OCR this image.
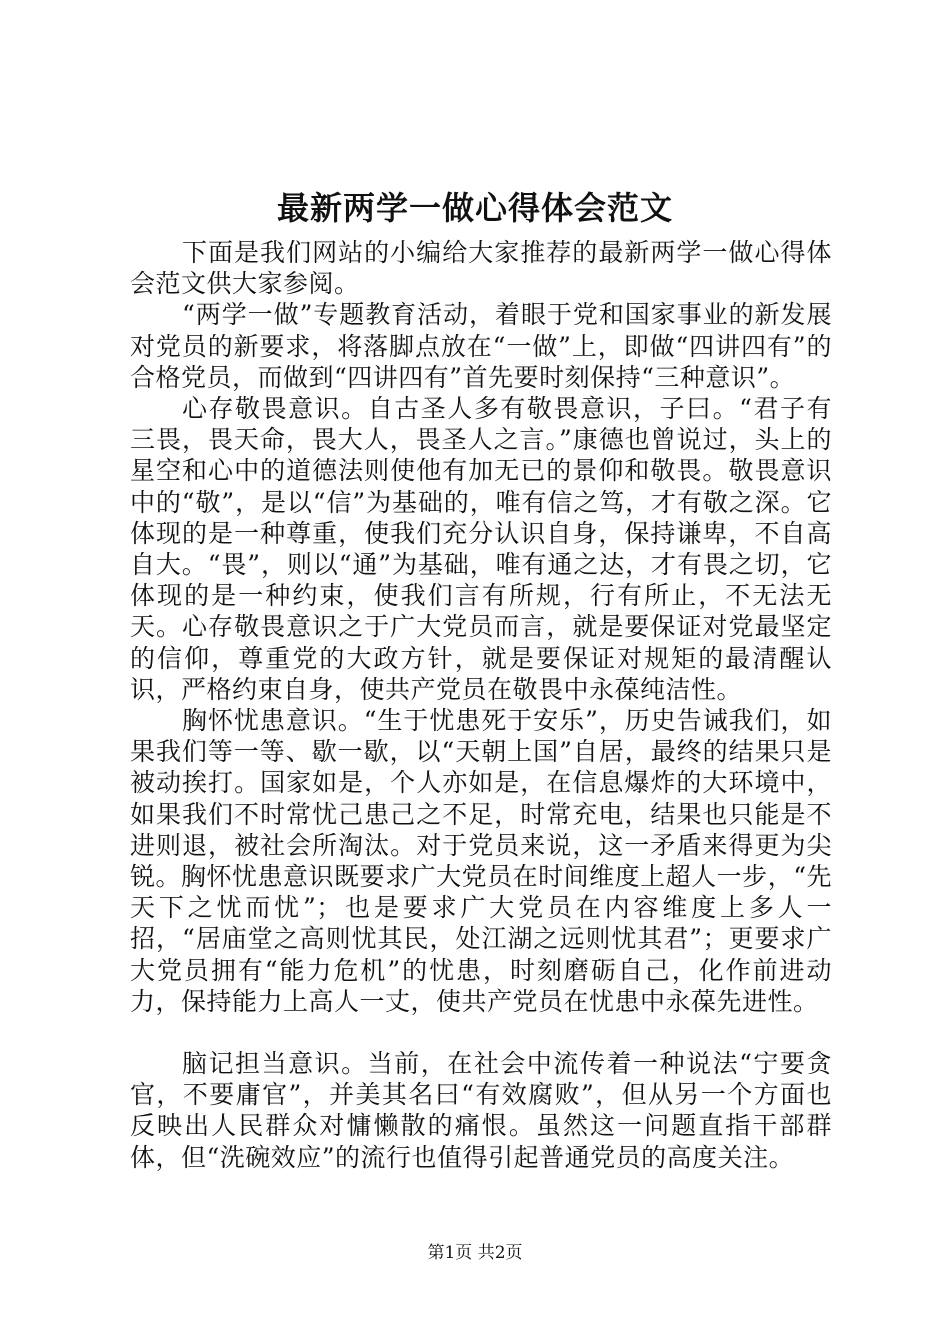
最新两学一做心得体会范文

下面是我们网站的小编给大家推荐的最新两学一做心得体会范文供大家参阅。

“两学一做”专题教育活动，着眼于党和国家事业的新发展对党员的新要求，将落脚点放在“一做”上，即做“四讲四有”的合格党员，而做到“四讲四有”首先要时刻保持“三种意识”。

心存敬畏意识。自古圣人多有敬畏意识，子曰。“君子有三畏，畏天命，畏大人，畏圣人之言。”康德也曾说过，头上的星空和心中的道德法则使他有加无已的景仰和敬畏。敬畏意识中的“敬”，是以“信”为基础的，唯有信之笃，才有敬之深。它体现的是一种尊重，使我们充分认识自身，保持谦卑，不自高自大。“畏”，则以“通”为基础，唯有通之达，才有畏之切，它体现的是一种约束，使我们言有所规，行有所止，不无法无天。心存敬畏意识之于广大党员而言，就是要保证对党最坚定的信仰，尊重党的大政方针，就是要保证对规矩的最清醒认识，严格约束自身，使共产党员在敬畏中永葆纯洁性。

胸怀忧患意识。“生于忧患死于安乐”，历史告诫我们，如果我们等一等、歇一歇，以“天朝上国”自居，最终的结果只是被动挨打。国家如是，个人亦如是，在信息爆炸的大环境中，如果我们不时常忧己患己之不足，时常充电，结果也只能是不进则退，被社会所淘汰。对于党员来说，这一矛盾来得更为尖锐。胸怀忧患意识既要求广大党员在时间维度上超人一步，“先天下之忧而忧”；也是要求广大党员在内容维度上多人一招，“居庙堂之高则忧其民，处江湖之远则忧其君”；更要求广大党员拥有“能力危机”的忧患，时刻磨砺自己，化作前进动力，保持能力上高人一丈，使共产党员在忧患中永葆先进性。

脑记担当意识。当前，在社会中流传着一种说法“宁要贪官，不要庸官”，并美其名曰“有效腐败”，但从另一个方面也反映出人民群众对慵懒散的痛恨。虽然这一问题直指干部群体，但“洗碗效应”的流行也值得引起普通党员的高度关注。

第1页 共2页
